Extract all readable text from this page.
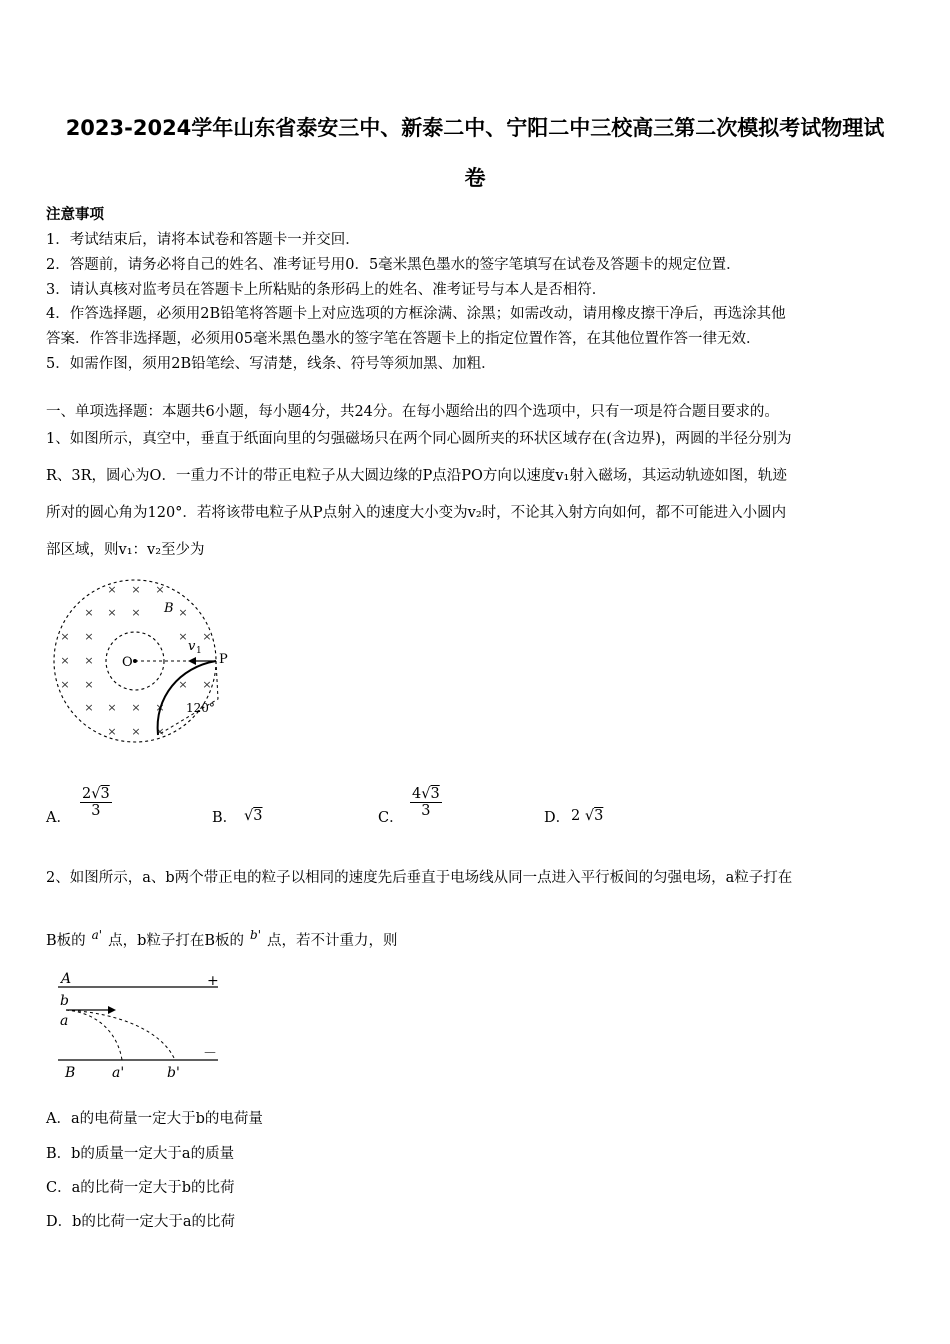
2023-2024学年山东省泰安三中、新泰二中、宁阳二中三校高三第二次模拟考试物理试
卷
注意事项
1．考试结束后，请将本试卷和答题卡一并交回．
2．答题前，请务必将自己的姓名、准考证号用0．5毫米黑色墨水的签字笔填写在试卷及答题卡的规定位置．
3．请认真核对监考员在答题卡上所粘贴的条形码上的姓名、准考证号与本人是否相符．
4．作答选择题，必须用2B铅笔将答题卡上对应选项的方框涂满、涂黑；如需改动，请用橡皮擦干净后，再选涂其他
答案．作答非选择题，必须用05毫米黑色墨水的签字笔在答题卡上的指定位置作答，在其他位置作答一律无效．
5．如需作图，须用2B铅笔绘、写清楚，线条、符号等须加黑、加粗．
一、单项选择题：本题共6小题，每小题4分，共24分。在每小题给出的四个选项中，只有一项是符合题目要求的。
1、如图所示，真空中，垂直于纸面向里的匀强磁场只在两个同心圆所夹的环状区域存在(含边界)，两圆的半径分别为
R、3R，圆心为O．一重力不计的带正电粒子从大圆边缘的P点沿PO方向以速度v₁射入磁场，其运动轨迹如图，轨迹
所对的圆心角为120°．若将该带电粒子从P点射入的速度大小变为v₂时，不论其入射方向如何，都不可能进入小圆内
部区域，则v₁：v₂至少为
× × ×
× × ×	×
× ×	× ×
× ×
× ×	× ×
× × × ×
× × ×
O	P
B
v 1
120°
A． $\frac{2√3}{3}$	B． √3	C． $\frac{4√3}{3}$	D． 2 √3
2、如图所示，a、b两个带正电的粒子以相同的速度先后垂直于电场线从同一点进入平行板间的匀强电场，a粒子打在
B板的 $^{a'}$ 点，b粒子打在B板的 $^{b'}$ 点，若不计重力，则
A	+
b
a
－
B	a'	b'
A．a的电荷量一定大于b的电荷量
B．b的质量一定大于a的质量
C．a的比荷一定大于b的比荷
D．b的比荷一定大于a的比荷
